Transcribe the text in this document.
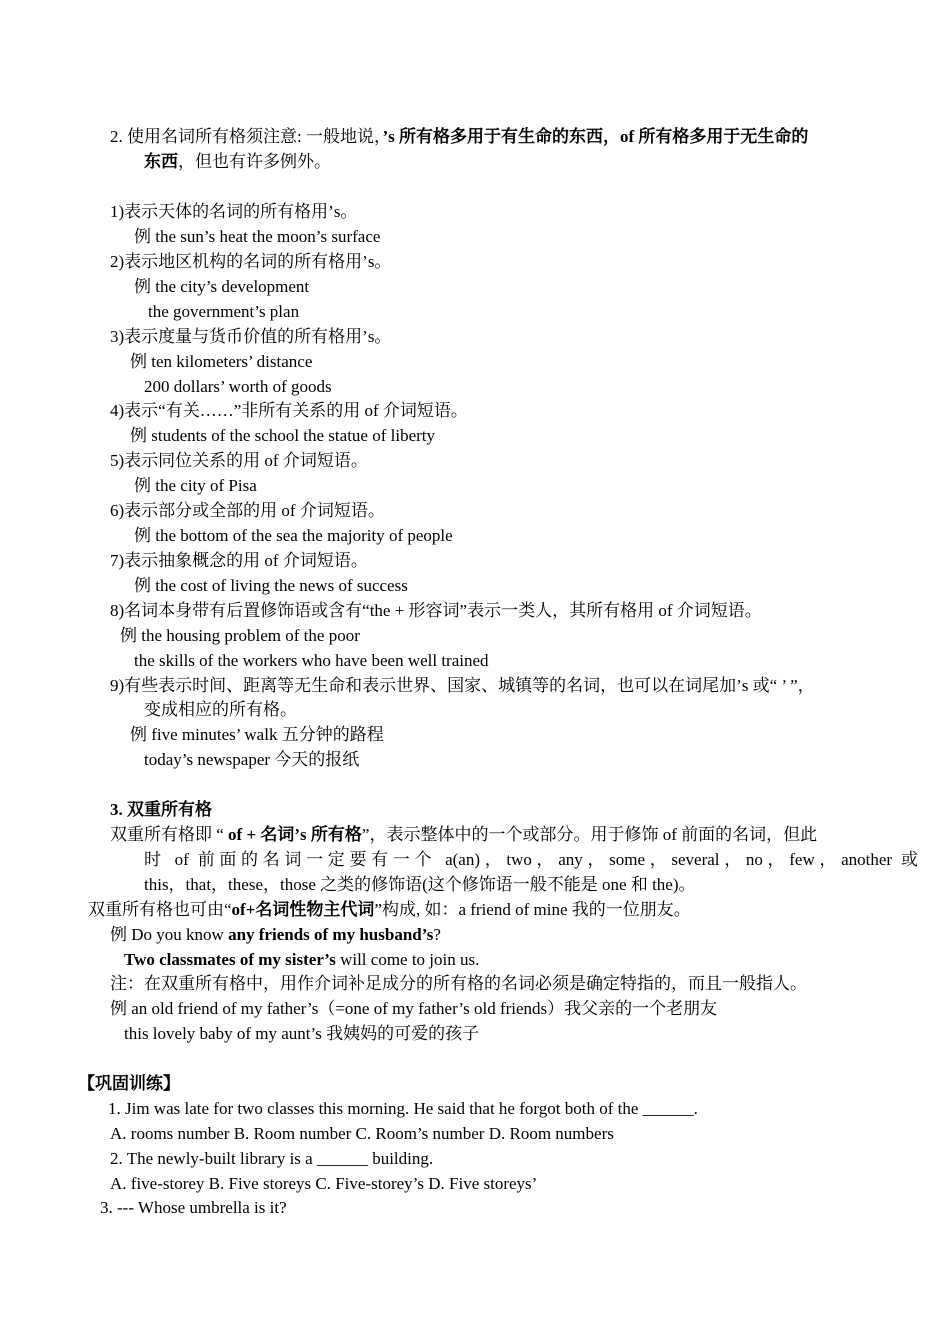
2. 使用名词所有格须注意: 一般地说，’s 所有格多用于有生命的东西，of 所有格多用于无生命的
东西，但也有许多例外。
1)表示天体的名词的所有格用’s。
例 the sun’s heat the moon’s surface
2)表示地区机构的名词的所有格用’s。
例 the city’s development
the government’s plan
3)表示度量与货币价值的所有格用’s。
例 ten kilometers’ distance
200 dollars’ worth of goods
4)表示“有关……”非所有关系的用 of 介词短语。
例 students of the school the statue of liberty
5)表示同位关系的用 of 介词短语。
例 the city of Pisa
6)表示部分或全部的用 of 介词短语。
例 the bottom of the sea the majority of people
7)表示抽象概念的用 of 介词短语。
例 the cost of living the news of success
8)名词本身带有后置修饰语或含有“the + 形容词”表示一类人，其所有格用 of 介词短语。
例 the housing problem of the poor
the skills of the workers who have been well trained
9)有些表示时间、距离等无生命和表示世界、国家、城镇等的名词，也可以在词尾加’s 或“ ’ ”，
变成相应的所有格。
例 five minutes’ walk 五分钟的路程
today’s newspaper 今天的报纸
3. 双重所有格
双重所有格即 “ of + 名词’s 所有格”，表示整体中的一个或部分。用于修饰 of 前面的名词，但此
时 of 前面的名词一定要有一个 a(an)，two，any，some，several，no，few，another 或
this，that，these，those 之类的修饰语(这个修饰语一般不能是 one 和 the)。
双重所有格也可由“of+名词性物主代词”构成, 如：a friend of mine 我的一位朋友。
例 Do you know any friends of my husband’s?
Two classmates of my sister’s will come to join us.
注：在双重所有格中，用作介词补足成分的所有格的名词必须是确定特指的，而且一般指人。
例 an old friend of my father’s（=one of my father’s old friends）我父亲的一个老朋友
this lovely baby of my aunt’s 我姨妈的可爱的孩子
【巩固训练】
1. Jim was late for two classes this morning. He said that he forgot both of the ______.
A. rooms number B. Room number C. Room’s number D. Room numbers
2. The newly-built library is a ______ building.
A. five-storey B. Five storeys C. Five-storey’s D. Five storeys’
3. --- Whose umbrella is it?
